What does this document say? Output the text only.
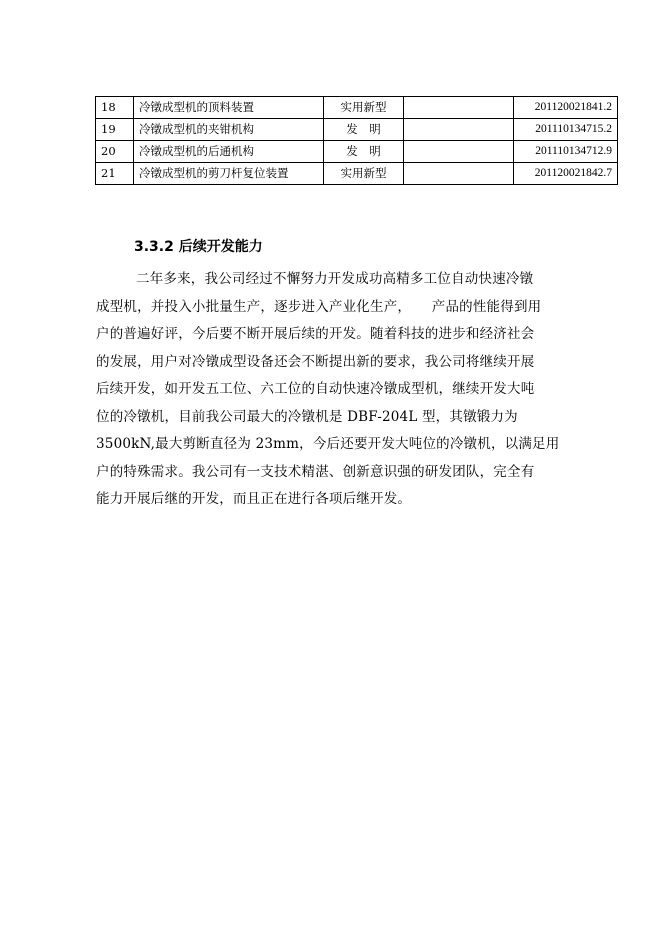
18	冷镦成型机的顶料装置	实用新型		201120021841.2
19	冷镦成型机的夹钳机构	发　明		201110134715.2
20	冷镦成型机的后通机构	发　明		201110134712.9
21	冷镦成型机的剪刀杆复位装置	实用新型		201120021842.7
3.3.2 后续开发能力
二年多来，我公司经过不懈努力开发成功高精多工位自动快速冷镦
成型机，并投入小批量生产，逐步进入产业化生产，　　产品的性能得到用
户的普遍好评，今后要不断开展后续的开发。随着科技的进步和经济社会
的发展，用户对冷镦成型设备还会不断提出新的要求，我公司将继续开展
后续开发，如开发五工位、六工位的自动快速冷镦成型机，继续开发大吨
位的冷镦机，目前我公司最大的冷镦机是 DBF-204L 型，其镦锻力为
3500kN,最大剪断直径为 23mm，今后还要开发大吨位的冷镦机，以满足用
户的特殊需求。我公司有一支技术精湛、创新意识强的研发团队，完全有
能力开展后继的开发，而且正在进行各项后继开发。
